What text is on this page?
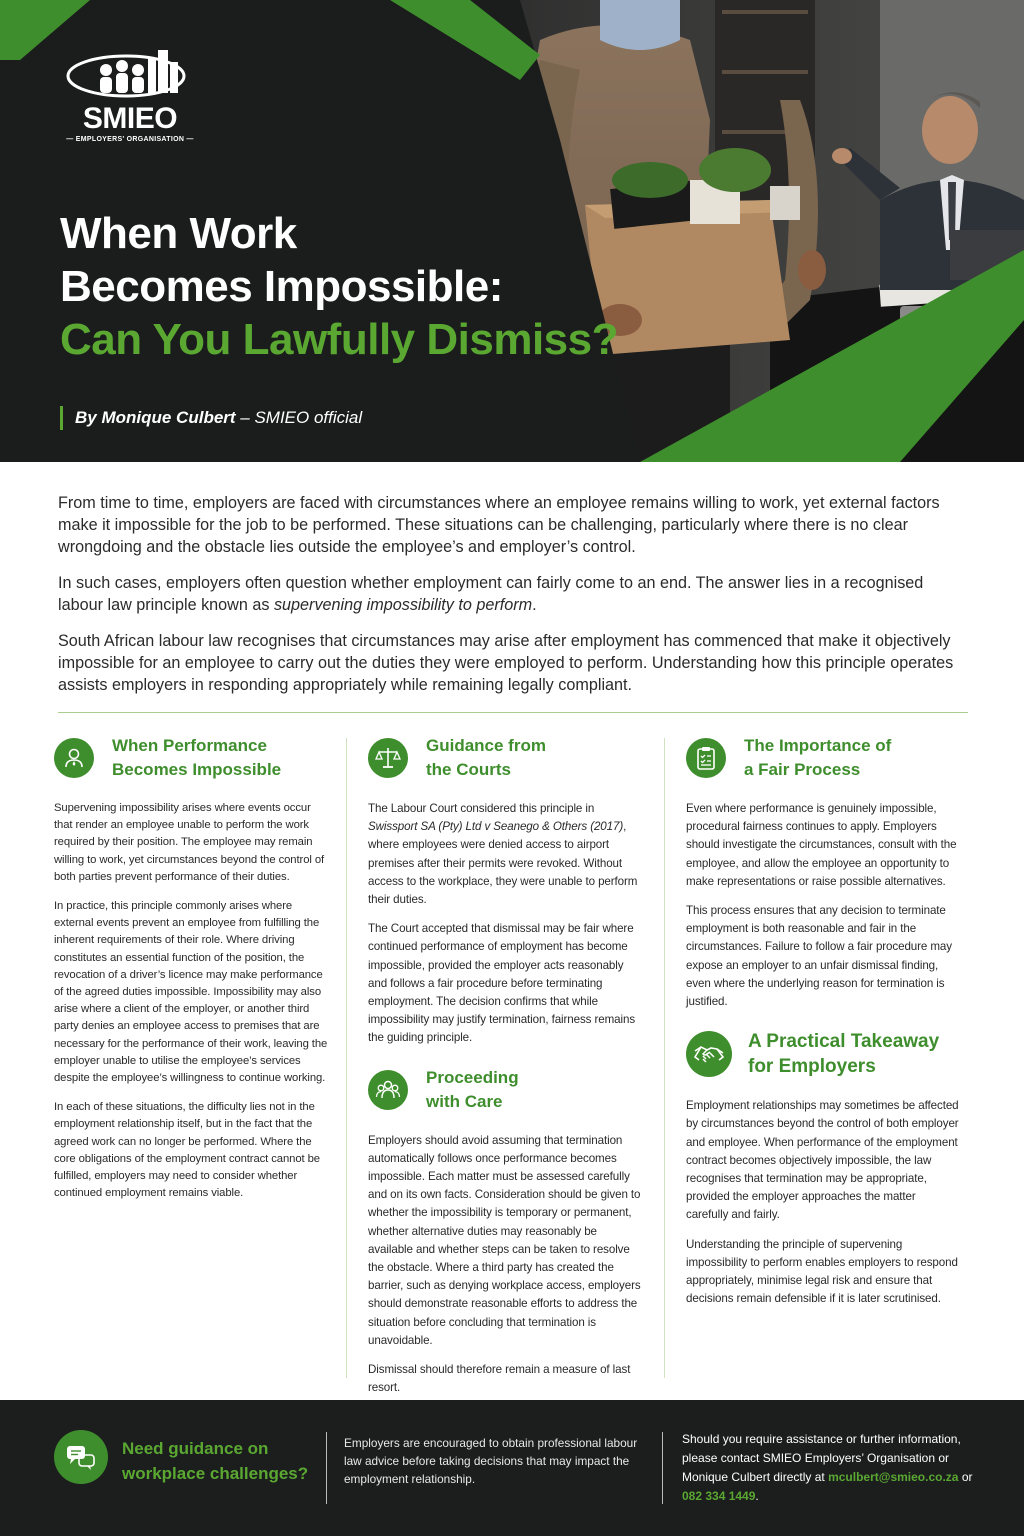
SMIEO
— EMPLOYERS' ORGANISATION —
When Work
Becomes Impossible:
Can You Lawfully Dismiss?
By Monique Culbert – SMIEO official

From time to time, employers are faced with circumstances where an employee remains willing to work, yet external factors make it impossible for the job to be performed. These situations can be challenging, particularly where there is no clear wrongdoing and the obstacle lies outside the employee’s and employer’s control.

In such cases, employers often question whether employment can fairly come to an end. The answer lies in a recognised labour law principle known as supervening impossibility to perform.

South African labour law recognises that circumstances may arise after employment has commenced that make it objectively impossible for an employee to carry out the duties they were employed to perform. Understanding how this principle operates assists employers in responding appropriately while remaining legally compliant.

When Performance
Becomes Impossible

Supervening impossibility arises where events occur that render an employee unable to perform the work required by their position. The employee may remain willing to work, yet circumstances beyond the control of both parties prevent performance of their duties.

In practice, this principle commonly arises where external events prevent an employee from fulfilling the inherent requirements of their role. Where driving constitutes an essential function of the position, the revocation of a driver’s licence may make performance of the agreed duties impossible. Impossibility may also arise where a client of the employer, or another third party denies an employee access to premises that are necessary for the performance of their work, leaving the employer unable to utilise the employee’s services despite the employee’s willingness to continue working.

In each of these situations, the difficulty lies not in the employment relationship itself, but in the fact that the agreed work can no longer be performed. Where the core obligations of the employment contract cannot be fulfilled, employers may need to consider whether continued employment remains viable.

Guidance from
the Courts

The Labour Court considered this principle in Swissport SA (Pty) Ltd v Seanego & Others (2017), where employees were denied access to airport premises after their permits were revoked. Without access to the workplace, they were unable to perform their duties.

The Court accepted that dismissal may be fair where continued performance of employment has become impossible, provided the employer acts reasonably and follows a fair procedure before terminating employment. The decision confirms that while impossibility may justify termination, fairness remains the guiding principle.

Proceeding
with Care

Employers should avoid assuming that termination automatically follows once performance becomes impossible. Each matter must be assessed carefully and on its own facts. Consideration should be given to whether the impossibility is temporary or permanent, whether alternative duties may reasonably be available and whether steps can be taken to resolve the obstacle. Where a third party has created the barrier, such as denying workplace access, employers should demonstrate reasonable efforts to address the situation before concluding that termination is unavoidable.

Dismissal should therefore remain a measure of last resort.

The Importance of
a Fair Process

Even where performance is genuinely impossible, procedural fairness continues to apply. Employers should investigate the circumstances, consult with the employee, and allow the employee an opportunity to make representations or raise possible alternatives.

This process ensures that any decision to terminate employment is both reasonable and fair in the circumstances. Failure to follow a fair procedure may expose an employer to an unfair dismissal finding, even where the underlying reason for termination is justified.

A Practical Takeaway
for Employers

Employment relationships may sometimes be affected by circumstances beyond the control of both employer and employee. When performance of the employment contract becomes objectively impossible, the law recognises that termination may be appropriate, provided the employer approaches the matter carefully and fairly.

Understanding the principle of supervening impossibility to perform enables employers to respond appropriately, minimise legal risk and ensure that decisions remain defensible if it is later scrutinised.

Need guidance on
workplace challenges?
Employers are encouraged to obtain professional labour law advice before taking decisions that may impact the employment relationship.
Should you require assistance or further information, please contact SMIEO Employers’ Organisation or Monique Culbert directly at mculbert@smieo.co.za or 082 334 1449.
